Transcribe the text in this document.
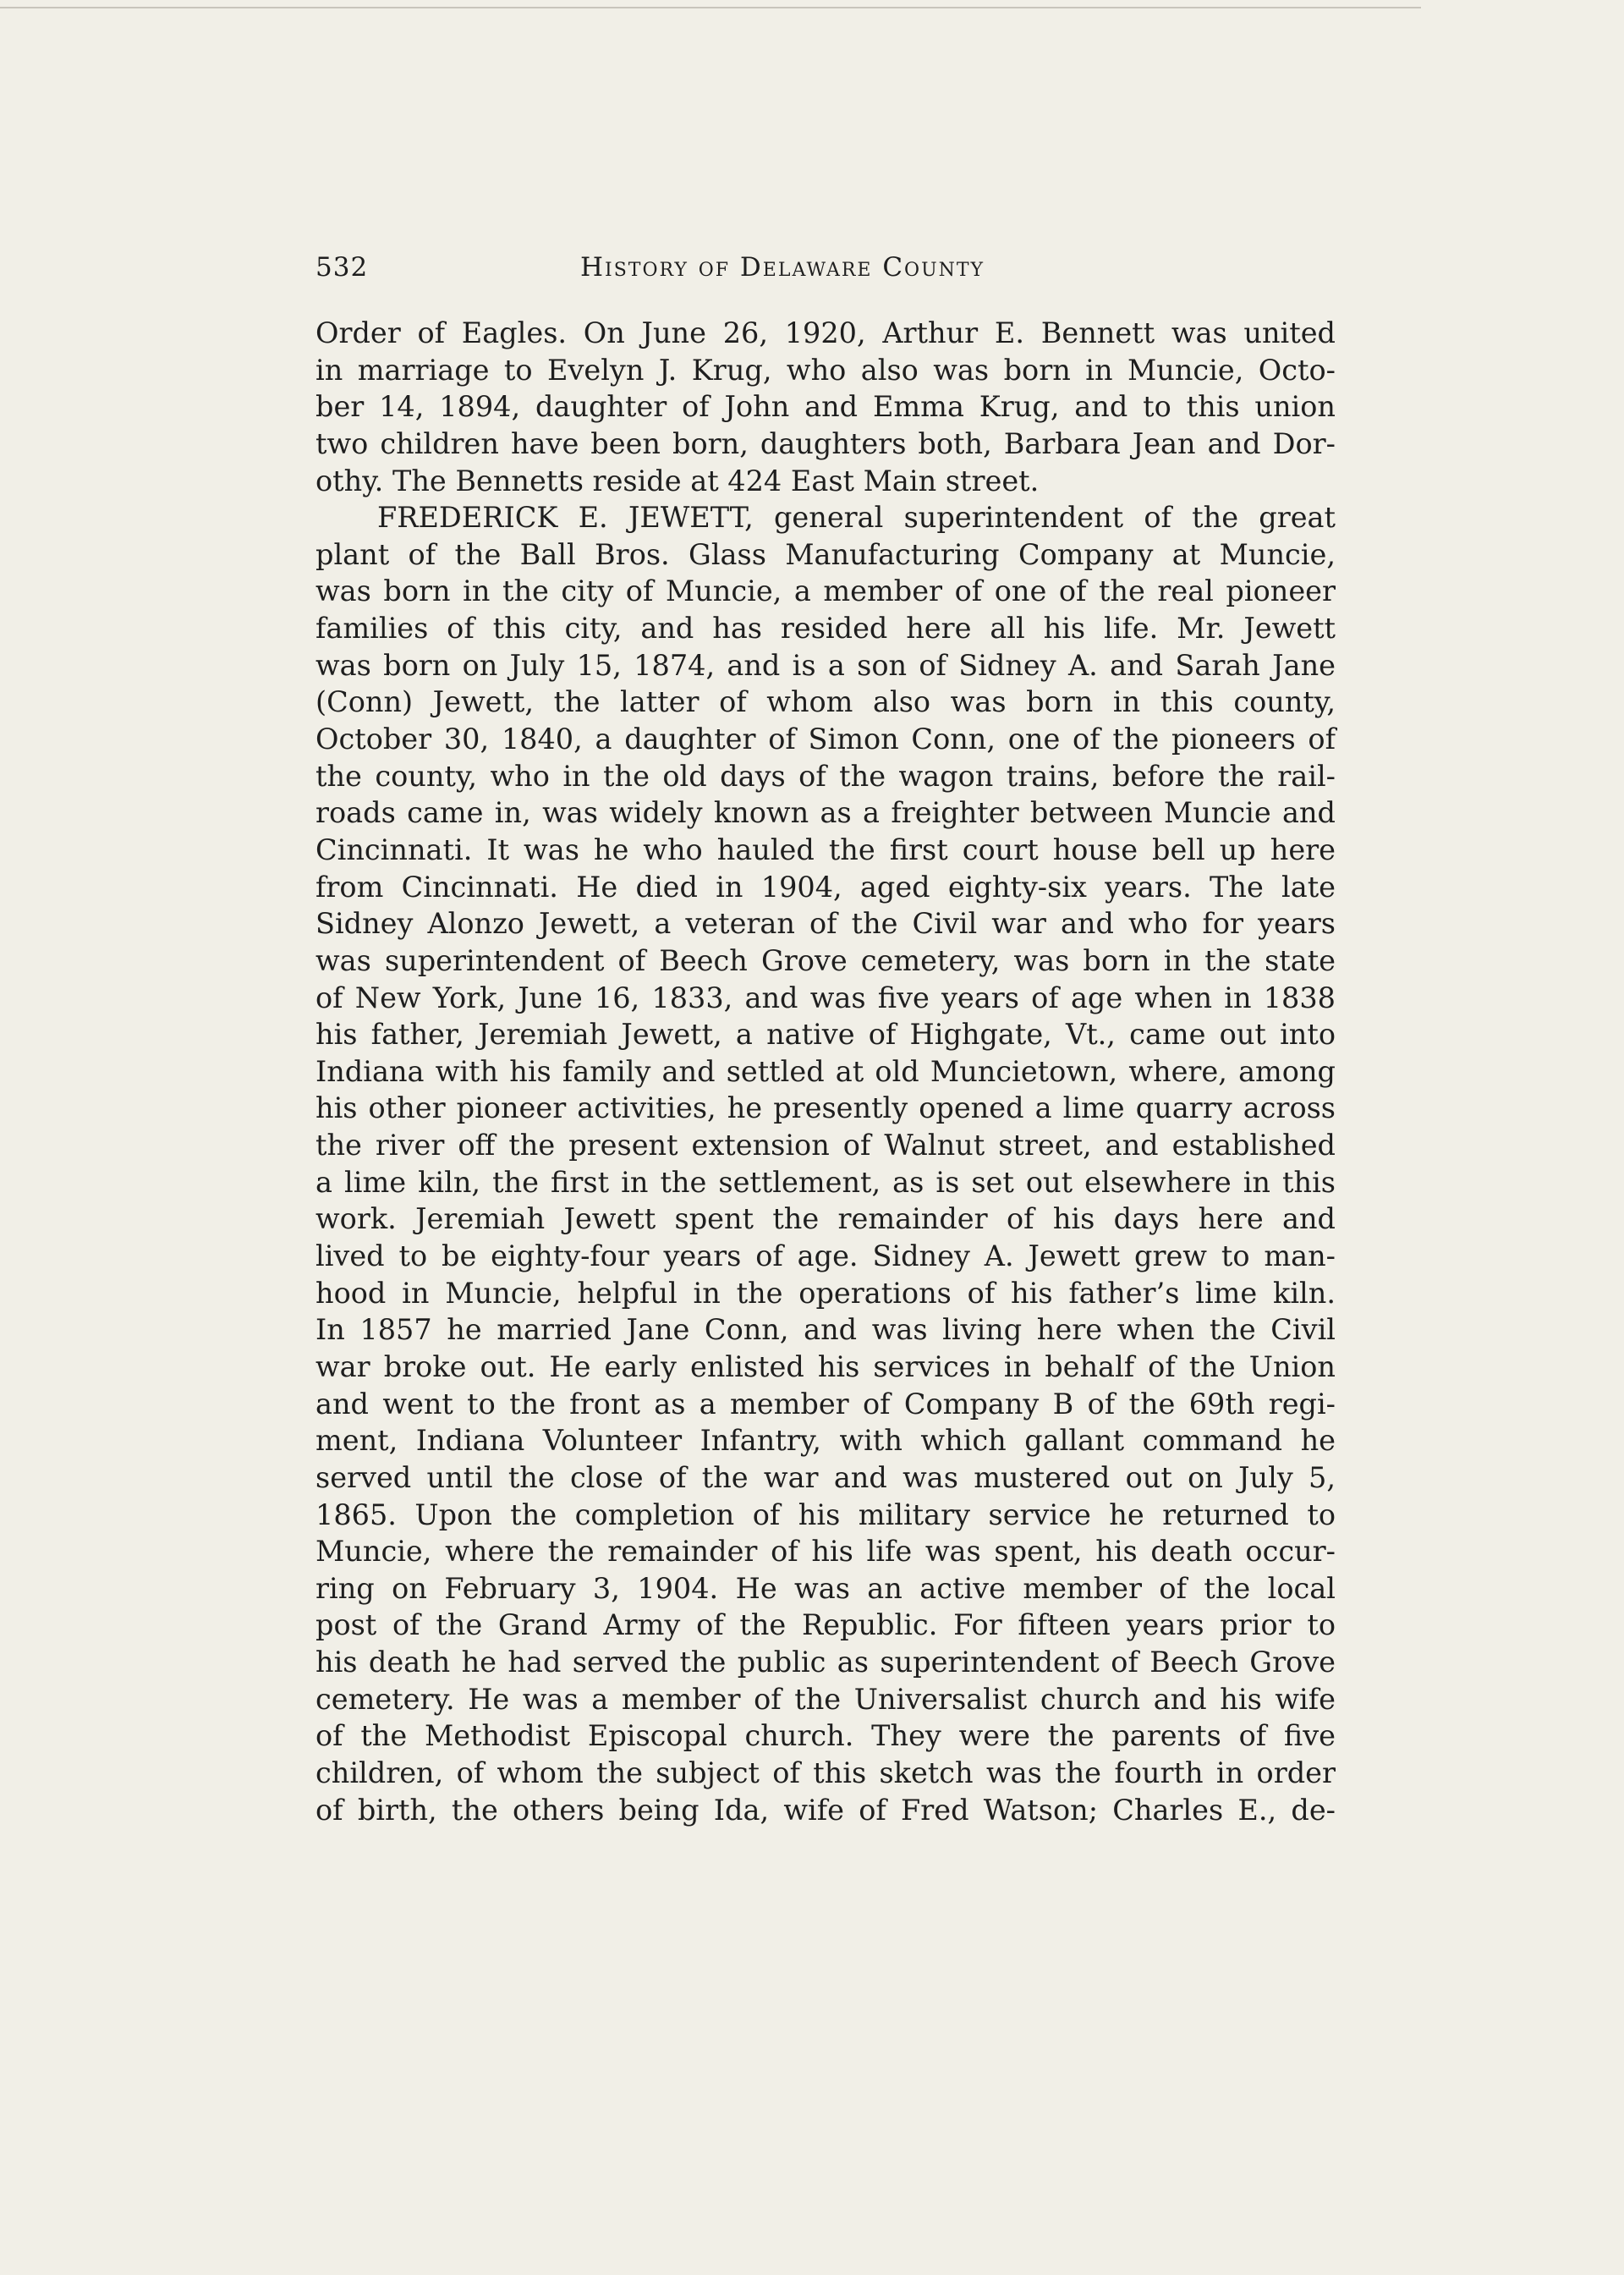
532	History of Delaware County

Order of Eagles. On June 26, 1920, Arthur E. Bennett was united
in marriage to Evelyn J. Krug, who also was born in Muncie, Octo-
ber 14, 1894, daughter of John and Emma Krug, and to this union
two children have been born, daughters both, Barbara Jean and Dor-
othy. The Bennetts reside at 424 East Main street.

FREDERICK E. JEWETT, general superintendent of the great
plant of the Ball Bros. Glass Manufacturing Company at Muncie,
was born in the city of Muncie, a member of one of the real pioneer
families of this city, and has resided here all his life. Mr. Jewett
was born on July 15, 1874, and is a son of Sidney A. and Sarah Jane
(Conn) Jewett, the latter of whom also was born in this county,
October 30, 1840, a daughter of Simon Conn, one of the pioneers of
the county, who in the old days of the wagon trains, before the rail-
roads came in, was widely known as a freighter between Muncie and
Cincinnati. It was he who hauled the first court house bell up here
from Cincinnati. He died in 1904, aged eighty-six years. The late
Sidney Alonzo Jewett, a veteran of the Civil war and who for years
was superintendent of Beech Grove cemetery, was born in the state
of New York, June 16, 1833, and was five years of age when in 1838
his father, Jeremiah Jewett, a native of Highgate, Vt., came out into
Indiana with his family and settled at old Muncietown, where, among
his other pioneer activities, he presently opened a lime quarry across
the river off the present extension of Walnut street, and established
a lime kiln, the first in the settlement, as is set out elsewhere in this
work. Jeremiah Jewett spent the remainder of his days here and
lived to be eighty-four years of age. Sidney A. Jewett grew to man-
hood in Muncie, helpful in the operations of his father’s lime kiln.
In 1857 he married Jane Conn, and was living here when the Civil
war broke out. He early enlisted his services in behalf of the Union
and went to the front as a member of Company B of the 69th regi-
ment, Indiana Volunteer Infantry, with which gallant command he
served until the close of the war and was mustered out on July 5,
1865. Upon the completion of his military service he returned to
Muncie, where the remainder of his life was spent, his death occur-
ring on February 3, 1904. He was an active member of the local
post of the Grand Army of the Republic. For fifteen years prior to
his death he had served the public as superintendent of Beech Grove
cemetery. He was a member of the Universalist church and his wife
of the Methodist Episcopal church. They were the parents of five
children, of whom the subject of this sketch was the fourth in order
of birth, the others being Ida, wife of Fred Watson; Charles E., de-
